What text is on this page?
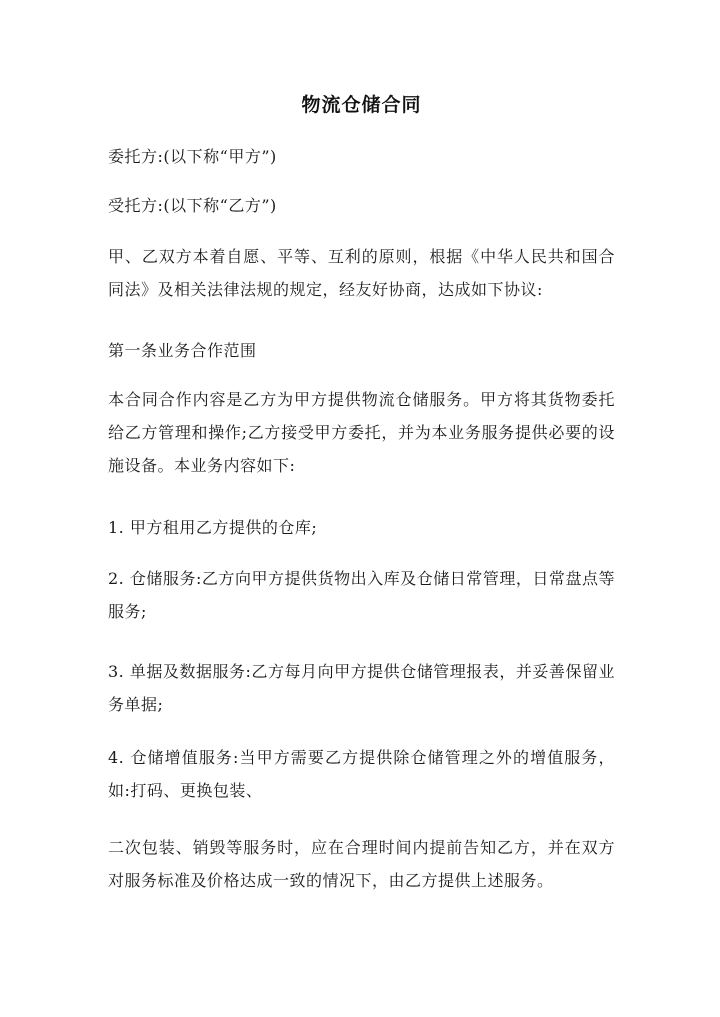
物流仓储合同

委托方:(以下称“甲方”)

受托方:(以下称“乙方”)

甲、乙双方本着自愿、平等、互利的原则，根据《中华人民共和国合同法》及相关法律法规的规定，经友好协商，达成如下协议:

第一条业务合作范围

本合同合作内容是乙方为甲方提供物流仓储服务。甲方将其货物委托给乙方管理和操作;乙方接受甲方委托，并为本业务服务提供必要的设施设备。本业务内容如下:

1. 甲方租用乙方提供的仓库;

2. 仓储服务:乙方向甲方提供货物出入库及仓储日常管理，日常盘点等服务;

3. 单据及数据服务:乙方每月向甲方提供仓储管理报表，并妥善保留业务单据;

4. 仓储增值服务:当甲方需要乙方提供除仓储管理之外的增值服务，如:打码、更换包装、

二次包装、销毁等服务时，应在合理时间内提前告知乙方，并在双方对服务标准及价格达成一致的情况下，由乙方提供上述服务。
